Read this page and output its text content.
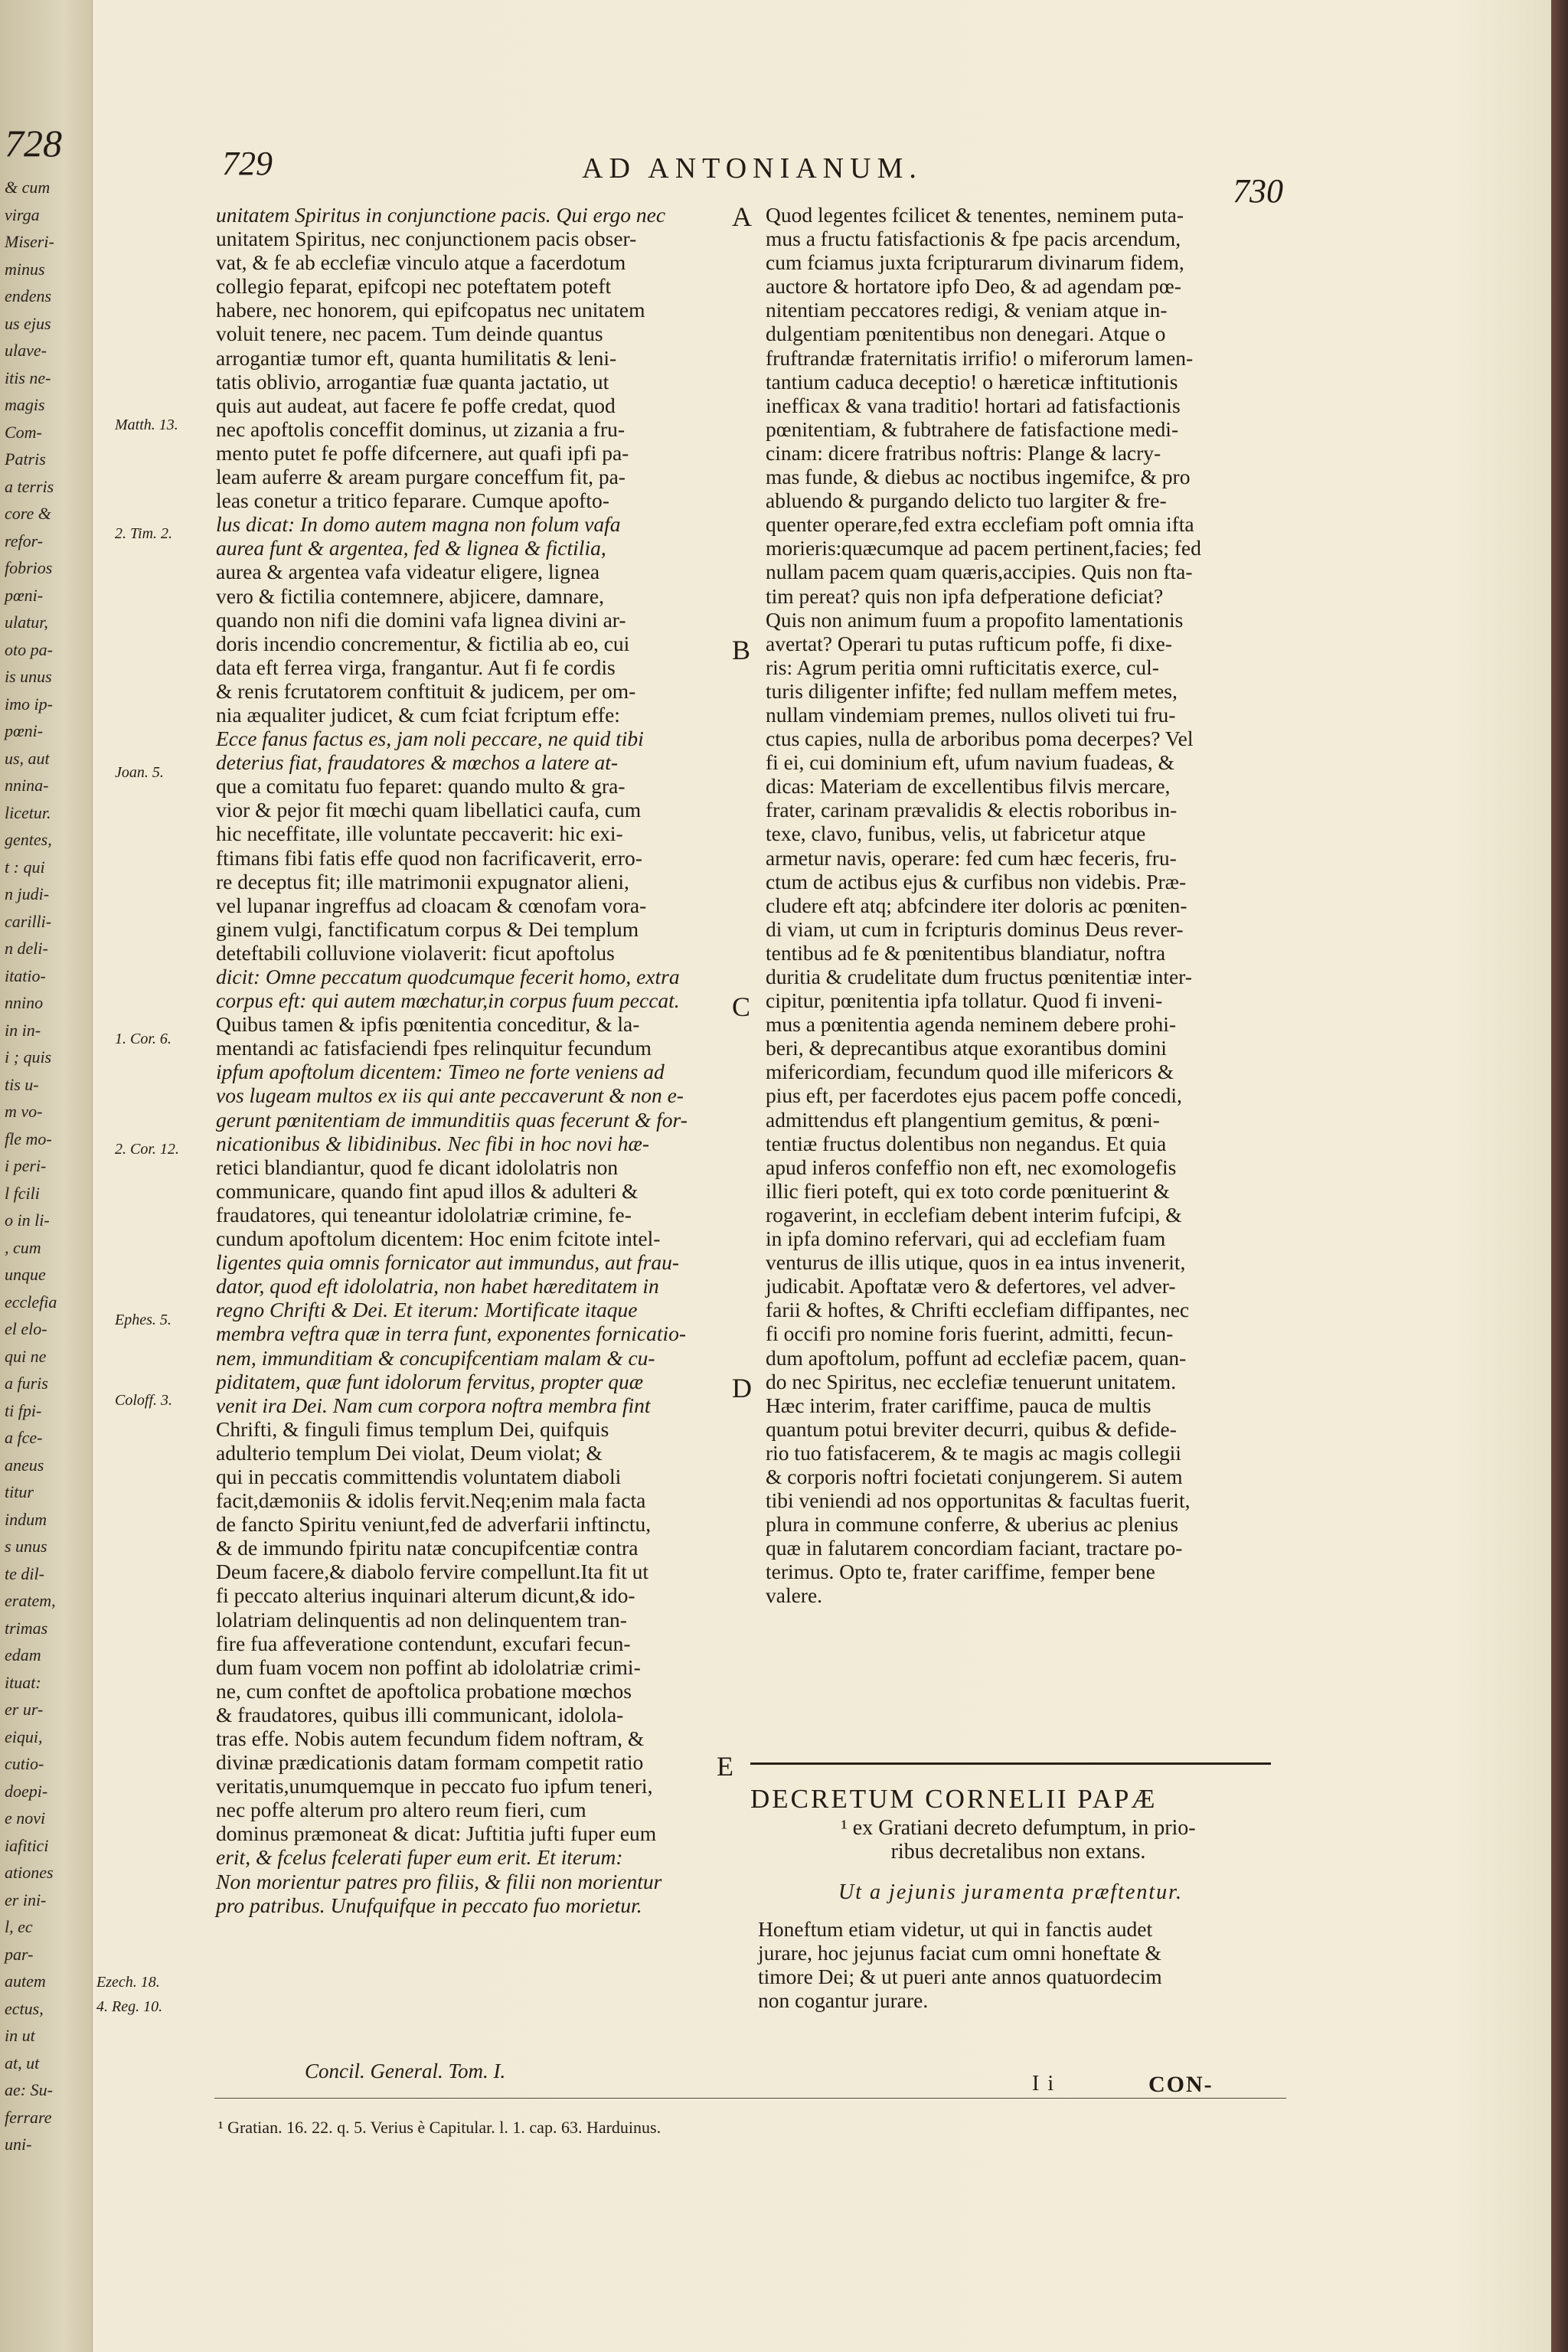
728
& cum
virga
Miseri-
minus
endens
us ejus
ulave-
itis ne-
magis
Com-
Patris
a terris
core &
refor-
fobrios
pœni-
ulatur,
oto pa-
is unus
imo ip-
pœni-
us, aut
nnina-
licetur.
gentes,
t : qui
n judi-
carilli-
n deli-
itatio-
nnino
in in-
i ; quis
tis u-
m vo-
fle mo-
i peri-
l fcili
o in li-
, cum
unque
ecclefia
el elo-
qui ne
a furis
ti fpi-
a fce-
aneus
titur
indum
s unus
te dil-
eratem,
trimas
edam
ituat:
er ur-
eiqui,
cutio-
doepi-
e novi
iafitici
ationes
er ini-
l, ec
par-
autem
ectus,
in ut
at, ut
ae: Su-
ferrare
uni-
729	AD ANTONIANUM.
730
unitatem Spiritus in conjunctione pacis. Qui ergo nec
unitatem Spiritus, nec conjunctionem pacis obser-
vat, & fe ab ecclefiæ vinculo atque a facerdotum
collegio feparat, epifcopi nec poteftatem poteft
habere, nec honorem, qui epifcopatus nec unitatem
voluit tenere, nec pacem. Tum deinde quantus
arrogantiæ tumor eft, quanta humilitatis & leni-
tatis oblivio, arrogantiæ fuæ quanta jactatio, ut
quis aut audeat, aut facere fe poffe credat, quod
nec apoftolis conceffit dominus, ut zizania a fru-
mento putet fe poffe difcernere, aut quafi ipfi pa-
leam auferre & aream purgare conceffum fit, pa-
leas conetur a tritico feparare. Cumque apofto-
lus dicat: In domo autem magna non folum vafa
aurea funt & argentea, fed & lignea & fictilia,
aurea & argentea vafa videatur eligere, lignea
vero & fictilia contemnere, abjicere, damnare,
quando non nifi die domini vafa lignea divini ar-
doris incendio concrementur, & fictilia ab eo, cui
data eft ferrea virga, frangantur. Aut fi fe cordis
& renis fcrutatorem conftituit & judicem, per om-
nia æqualiter judicet, & cum fciat fcriptum effe:
Ecce fanus factus es, jam noli peccare, ne quid tibi
deterius fiat, fraudatores & mœchos a latere at-
que a comitatu fuo feparet: quando multo & gra-
vior & pejor fit mœchi quam libellatici caufa, cum
hic neceffitate, ille voluntate peccaverit: hic exi-
ftimans fibi fatis effe quod non facrificaverit, erro-
re deceptus fit; ille matrimonii expugnator alieni,
vel lupanar ingreffus ad cloacam & cœnofam vora-
ginem vulgi, fanctificatum corpus & Dei templum
deteftabili colluvione violaverit: ficut apoftolus
dicit: Omne peccatum quodcumque fecerit homo, extra
corpus eft: qui autem mœchatur,in corpus fuum peccat.
Quibus tamen & ipfis pœnitentia conceditur, & la-
mentandi ac fatisfaciendi fpes relinquitur fecundum
ipfum apoftolum dicentem: Timeo ne forte veniens ad
vos lugeam multos ex iis qui ante peccaverunt & non e-
gerunt pœnitentiam de immunditiis quas fecerunt & for-
nicationibus & libidinibus. Nec fibi in hoc novi hæ-
retici blandiantur, quod fe dicant idololatris non
communicare, quando fint apud illos & adulteri &
fraudatores, qui teneantur idololatriæ crimine, fe-
cundum apoftolum dicentem: Hoc enim fcitote intel-
ligentes quia omnis fornicator aut immundus, aut frau-
dator, quod eft idololatria, non habet hæreditatem in
regno Chrifti & Dei. Et iterum: Mortificate itaque
membra veftra quæ in terra funt, exponentes fornicatio-
nem, immunditiam & concupifcentiam malam & cu-
piditatem, quæ funt idolorum fervitus, propter quæ
venit ira Dei. Nam cum corpora noftra membra fint
Chrifti, & finguli fimus templum Dei, quifquis
adulterio templum Dei violat, Deum violat; &
qui in peccatis committendis voluntatem diaboli
facit,dæmoniis & idolis fervit.Neq;enim mala facta
de fancto Spiritu veniunt,fed de adverfarii inftinctu,
& de immundo fpiritu natæ concupifcentiæ contra
Deum facere,& diabolo fervire compellunt.Ita fit ut
fi peccato alterius inquinari alterum dicunt,& ido-
lolatriam delinquentis ad non delinquentem tran-
fire fua affeverationе contendunt, excufari fecun-
dum fuam vocem non poffint ab idololatriæ crimi-
ne, cum conftet de apoftolica probatione mœchos
& fraudatores, quibus illi communicant, idolola-
tras effe. Nobis autem fecundum fidem noftram, &
divinæ prædicationis datam formam competit ratio
veritatis,unumquemque in peccato fuo ipfum teneri,
nec poffe alterum pro altero reum fieri, cum
dominus præmoneat & dicat: Juftitia jufti fuper eum
erit, & fcelus fcelerati fuper eum erit. Et iterum:
Non morientur patres pro filiis, & filii non morientur
pro patribus. Unufquifque in peccato fuo morietur.
Quod legentes fcilicet & tenentes, neminem puta-
mus a fructu fatisfactionis & fpe pacis arcendum,
cum fciamus juxta fcripturarum divinarum fidem,
auctore & hortatore ipfo Deo, & ad agendam pœ-
nitentiam peccatores redigi, & veniam atque in-
dulgentiam pœnitentibus non denegari. Atque o
fruftrandæ fraternitatis irrifio! o miferorum lamen-
tantium caduca deceptio! o hæreticæ inftitutionis
inefficax & vana traditio! hortari ad fatisfactionis
pœnitentiam, & fubtrahere de fatisfactione medi-
cinam: dicere fratribus noftris: Plange & lacry-
mas funde, & diebus ac noctibus ingemifce, & pro
abluendo & purgando delicto tuo largiter & fre-
quenter operare,fed extra ecclefiam poft omnia ifta
morieris:quæcumque ad pacem pertinent,facies; fed
nullam pacem quam quæris,accipies. Quis non fta-
tim pereat? quis non ipfa defperatione deficiat?
Quis non animum fuum a propofito lamentationis
avertat? Operari tu putas rufticum poffe, fi dixe-
ris: Agrum peritia omni rufticitatis exerce, cul-
turis diligenter infifte; fed nullam meffem metes,
nullam vindemiam premes, nullos oliveti tui fru-
ctus capies, nulla de arboribus poma decerpes? Vel
fi ei, cui dominium eft, ufum navium fuadeas, &
dicas: Materiam de excellentibus filvis mercare,
frater, carinam prævalidis & electis roboribus in-
texe, clavo, funibus, velis, ut fabricetur atque
armetur navis, operare: fed cum hæc feceris, fru-
ctum de actibus ejus & curfibus non videbis. Præ-
cludere eft atq; abfcindere iter doloris ac pœniten-
di viam, ut cum in fcripturis dominus Deus rever-
tentibus ad fe & pœnitentibus blandiatur, noftra
duritia & crudelitate dum fructus pœnitentiæ inter-
cipitur, pœnitentia ipfa tollatur. Quod fi inveni-
mus a pœnitentia agenda neminem debere prohi-
beri, & deprecantibus atque exorantibus domini
mifericordiam, fecundum quod ille mifericors &
pius eft, per facerdotes ejus pacem poffe concedi,
admittendus eft plangentium gemitus, & pœni-
tentiæ fructus dolentibus non negandus. Et quia
apud inferos confeffio non eft, nec exomologefis
illic fieri poteft, qui ex toto corde pœnituerint &
rogaverint, in ecclefiam debent interim fufcipi, &
in ipfa domino refervari, qui ad ecclefiam fuam
venturus de illis utique, quos in ea intus invenerit,
judicabit. Apoftatæ vero & defertores, vel adver-
farii & hoftes, & Chrifti ecclefiam diffipantes, nec
fi occifi pro nomine foris fuerint, admitti, fecun-
dum apoftolum, poffunt ad ecclefiæ pacem, quan-
do nec Spiritus, nec ecclefiæ tenuerunt unitatem.
Hæc interim, frater cariffime, pauca de multis
quantum potui breviter decurri, quibus & defide-
rio tuo fatisfacerem, & te magis ac magis collegii
& corporis noftri focietati conjungerem. Si autem
tibi veniendi ad nos opportunitas & facultas fuerit,
plura in commune conferre, & uberius ac plenius
quæ in falutarem concordiam faciant, tractare po-
terimus. Opto te, frater cariffime, femper bene
valere.
Matth. 13.
2. Tim. 2.
Joan. 5.
1. Cor. 6.
2. Cor. 12.
Ephes. 5.
Coloff. 3.
Ezech. 18.
4. Reg. 10.
A
B
C
D
E
DECRETUM CORNELII PAPÆ
¹ ex Gratiani decreto defumptum, in prio-
ribus decretalibus non extans.
Ut a jejunis juramenta præftentur.
Honeftum etiam videtur, ut qui in fanctis audet
jurare, hoc jejunus faciat cum omni honeftate &
timore Dei; & ut pueri ante annos quatuordecim
non cogantur jurare.
Concil. General. Tom. I.
I i	CON-
¹ Gratian. 16. 22. q. 5. Verius è Capitular. l. 1. cap. 63. Harduinus.
